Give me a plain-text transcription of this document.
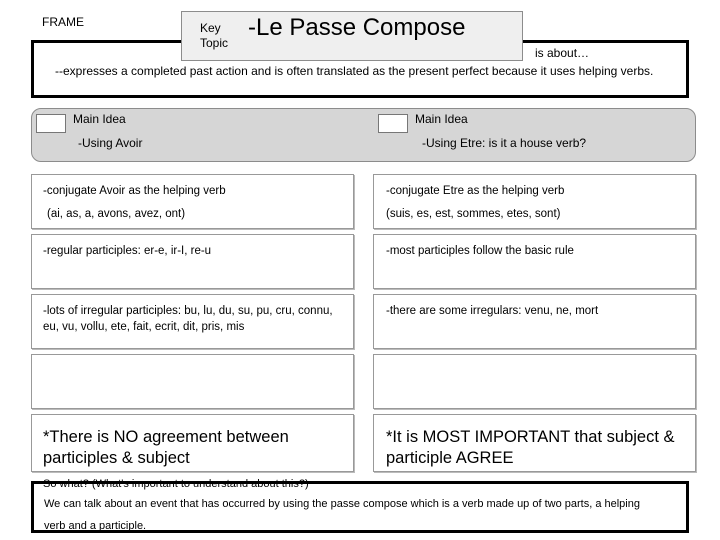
FRAME	Key Topic
-Le Passe Compose
is about…
--expresses a completed past action and is often translated as the present perfect because it uses helping verbs.
Main Idea
-Using Avoir
Main Idea
-Using Etre: is it a house verb?
-conjugate Avoir as the helping verb
(ai, as, a, avons, avez, ont)
-regular participles: er-e, ir-I, re-u
-lots of irregular participles: bu, lu, du, su, pu, cru, connu, eu, vu, vollu, ete, fait, ecrit, dit, pris, mis
*There is NO agreement between participles & subject
-conjugate Etre as the helping verb
(suis, es, est, sommes, etes, sont)
-most participles follow the basic rule
-there are some irregulars: venu, ne, mort
*It is MOST IMPORTANT that subject & participle AGREE
So what? (What's important to understand about this?)
We can talk about an event that has occurred by using the passe compose which is a verb made up of two parts, a helping verb and a participle.
